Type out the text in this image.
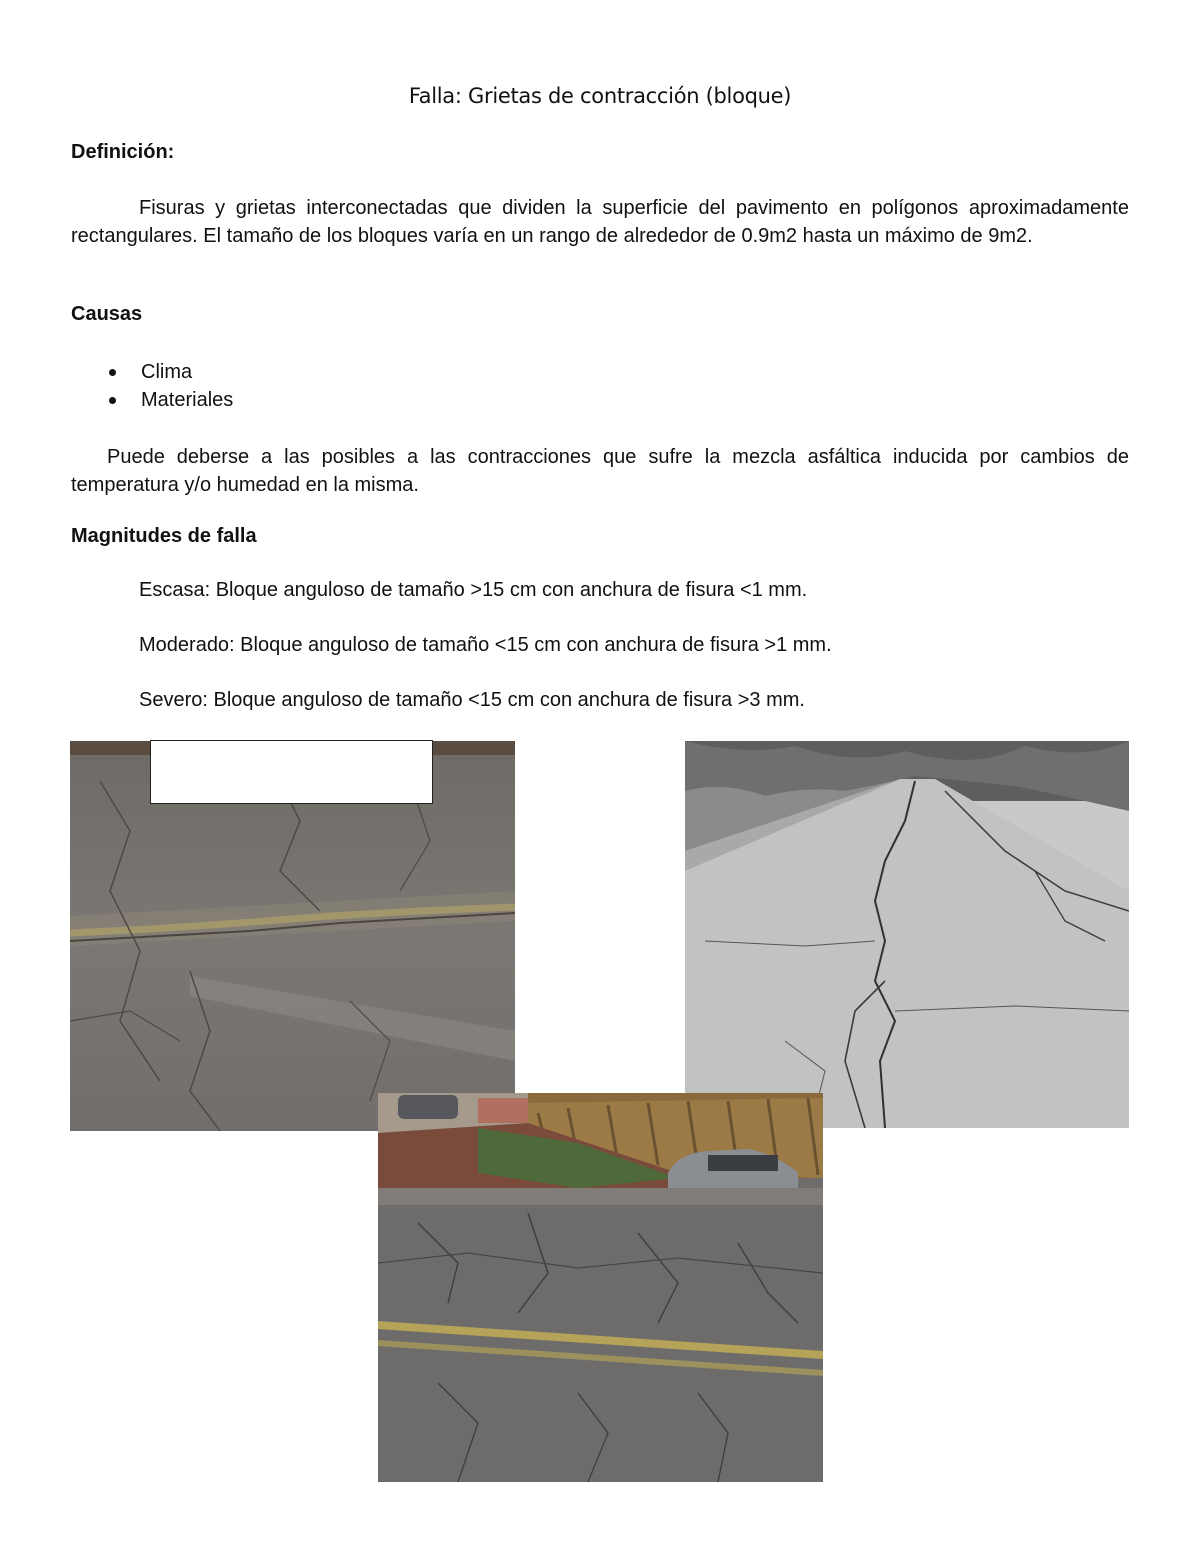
Falla: Grietas de contracción (bloque)
Definición:
Fisuras y grietas interconectadas que dividen la superficie del pavimento en polígonos aproximadamente rectangulares. El tamaño de los bloques varía en un rango de alrededor de 0.9m2 hasta un máximo de 9m2.
Causas
Clima
Materiales
Puede deberse a las posibles a las contracciones que sufre la mezcla asfáltica inducida por cambios de temperatura y/o humedad en la misma.
Magnitudes de falla
Escasa: Bloque anguloso de tamaño >15 cm con anchura de fisura <1 mm.
Moderado: Bloque anguloso de tamaño <15 cm con anchura de fisura >1 mm.
Severo: Bloque anguloso de tamaño <15 cm con anchura de fisura >3 mm.
